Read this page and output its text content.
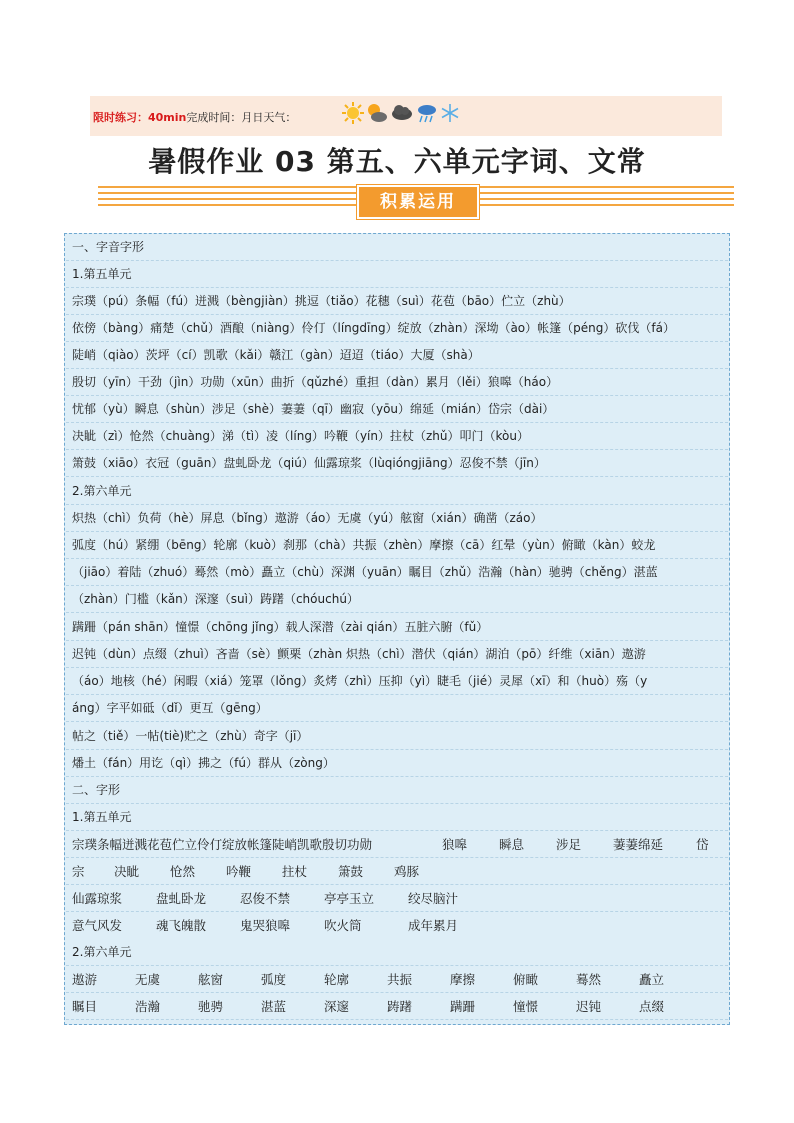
限时练习：40min完成时间：月日天气：
暑假作业 03 第五、六单元字词、文常
积累运用
一、字音字形
1.第五单元
宗璞（pú）条幅（fú）迸溅（bèngjiàn）挑逗（tiǎo）花穗（suì）花苞（bāo）伫立（zhù）
依傍（bàng）痛楚（chǔ）酒酿（niàng）伶仃（língdīng）绽放（zhàn）深坳（ào）帐篷（péng）砍伐（fá）
陡峭（qiào）茨坪（cí）凯歌（kǎi）赣江（gàn）迢迢（tiáo）大厦（shà）
殷切（yīn）干劲（jìn）功勋（xūn）曲折（qǔzhé）重担（dàn）累月（lěi）狼嗥（háo）
忧郁（yù）瞬息（shùn）涉足（shè）萋萋（qī）幽寂（yōu）绵延（mián）岱宗（dài）
决眦（zì）怆然（chuàng）涕（tì）凌（líng）吟鞭（yín）拄杖（zhǔ）叩门（kòu）
箫鼓（xiāo）衣冠（guān）盘虬卧龙（qiú）仙露琼浆（lùqióngjiāng）忍俊不禁（jīn）
2.第六单元
炽热（chì）负荷（hè）屏息（bǐng）遨游（áo）无虞（yú）舷窗（xián）确凿（záo）
弧度（hú）紧绷（bēng）轮廓（kuò）刹那（chà）共振（zhèn）摩擦（cā）红晕（yùn）俯瞰（kàn）蛟龙
（jiāo）着陆（zhuó）蓦然（mò）矗立（chù）深渊（yuān）瞩目（zhǔ）浩瀚（hàn）驰骋（chěng）湛蓝
（zhàn）门槛（kǎn）深邃（suì）踌躇（chóuchú）
蹒跚（pán shān）憧憬（chōng jǐng）载人深潜（zài qián）五脏六腑（fǔ）
迟钝（dùn）点缀（zhuì）吝啬（sè）颤栗（zhàn 炽热（chì）潜伏（qián）湖泊（pō）纤维（xiān）遨游
（áo）地核（hé）闲暇（xiá）笼罩（lǒng）炙烤（zhì）压抑（yì）睫毛（jié）灵犀（xī）和（huò）殇（y
áng）字平如砥（dǐ）更互（gēng）
帖之（tiě）一帖(tiè)贮之（zhù）奇字（jī）
燔土（fán）用讫（qì）拂之（fú）群从（zòng）
二、字形
1.第五单元
2.第六单元
宗璞条幅迸溅花苞伫立伶仃绽放帐篷陡峭凯歌殷切功勋	狼嗥	瞬息	涉足	萋萋绵延	岱
宗 决眦 怆然 吟鞭 拄杖 箫鼓 鸡豚
仙露琼浆	盘虬卧龙	忍俊不禁	亭亭玉立	绞尽脑汁
意气风发	魂飞魄散	鬼哭狼嗥	吹火筒	成年累月
遨游	无虞	舷窗	弧度	轮廓	共振	摩擦	俯瞰	蓦然	矗立
瞩目	浩瀚	驰骋	湛蓝	深邃	踌躇	蹒跚	憧憬	迟钝	点缀
